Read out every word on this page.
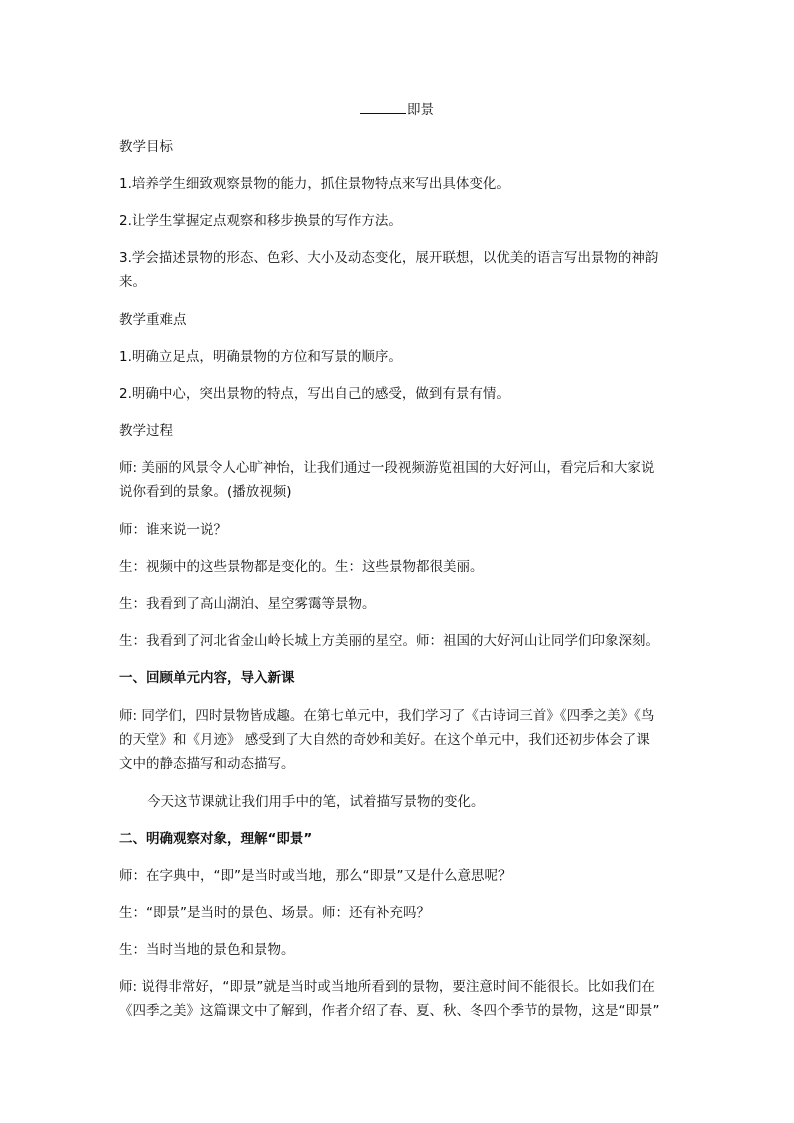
即景

教学目标

1.培养学生细致观察景物的能力，抓住景物特点来写出具体变化。

2.让学生掌握定点观察和移步换景的写作方法。

3.学会描述景物的形态、色彩、大小及动态变化，展开联想，以优美的语言写出景物的神韵
来。

教学重难点

1.明确立足点，明确景物的方位和写景的顺序。

2.明确中心，突出景物的特点，写出自己的感受，做到有景有情。

教学过程

师: 美丽的风景令人心旷神怡，让我们通过一段视频游览祖国的大好河山，看完后和大家说
说你看到的景象。(播放视频)

师：谁来说一说？

生：视频中的这些景物都是变化的。生：这些景物都很美丽。

生：我看到了高山湖泊、星空雾霭等景物。

生：我看到了河北省金山岭长城上方美丽的星空。师：祖国的大好河山让同学们印象深刻。

一、回顾单元内容，导入新课

师: 同学们，四时景物皆成趣。在第七单元中，我们学习了《古诗词三首》《四季之美》《鸟
的天堂》和《月迹》 感受到了大自然的奇妙和美好。在这个单元中，我们还初步体会了课
文中的静态描写和动态描写。

今天这节课就让我们用手中的笔，试着描写景物的变化。

二、明确观察对象，理解“即景”

师：在字典中，“即”是当时或当地，那么“即景”又是什么意思呢？

生：“即景”是当时的景色、场景。师：还有补充吗？

生：当时当地的景色和景物。

师: 说得非常好，“即景”就是当时或当地所看到的景物，要注意时间不能很长。比如我们在
《四季之美》这篇课文中了解到，作者介绍了春、夏、秋、冬四个季节的景物，这是“即景”
